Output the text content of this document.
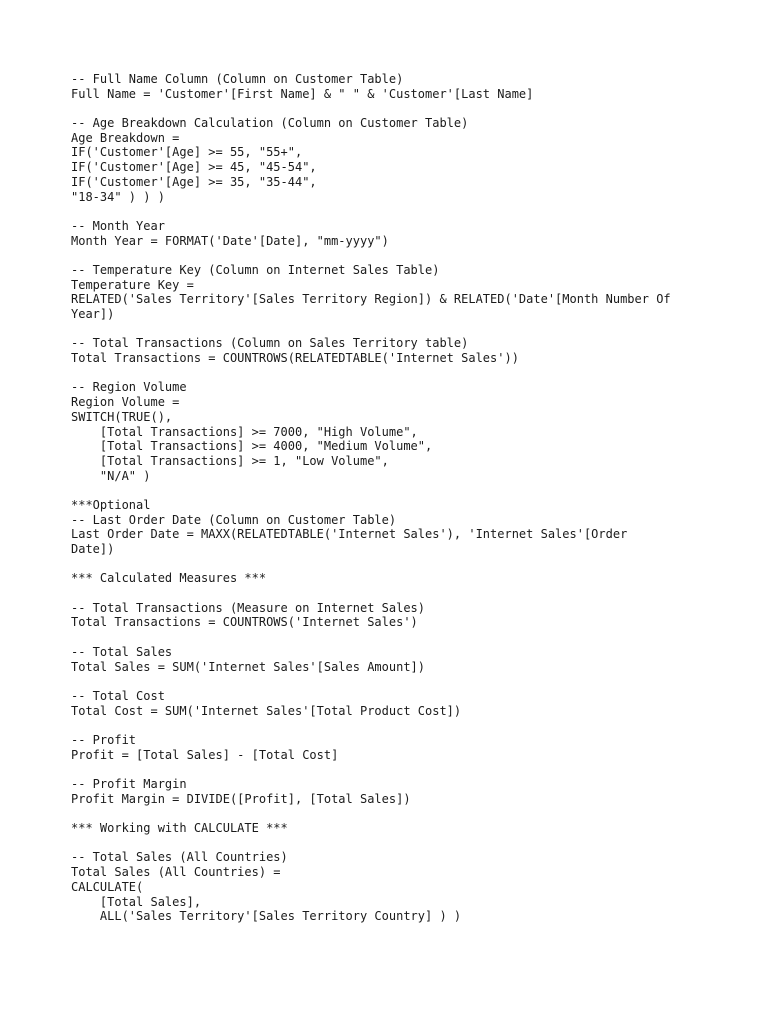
-- Full Name Column (Column on Customer Table)
Full Name = 'Customer'[First Name] & " " & 'Customer'[Last Name]
-- Age Breakdown Calculation (Column on Customer Table)
Age Breakdown =
IF('Customer'[Age] >= 55, "55+",
IF('Customer'[Age] >= 45, "45-54",
IF('Customer'[Age] >= 35, "35-44",
"18-34" ) ) )
-- Month Year
Month Year = FORMAT('Date'[Date], "mm-yyyy")
-- Temperature Key (Column on Internet Sales Table)
Temperature Key =
RELATED('Sales Territory'[Sales Territory Region]) & RELATED('Date'[Month Number Of
Year])
-- Total Transactions (Column on Sales Territory table)
Total Transactions = COUNTROWS(RELATEDTABLE('Internet Sales'))
-- Region Volume
Region Volume =
SWITCH(TRUE(),
[Total Transactions] >= 7000, "High Volume",
[Total Transactions] >= 4000, "Medium Volume",
[Total Transactions] >= 1, "Low Volume",
"N/A" )
***Optional
-- Last Order Date (Column on Customer Table)
Last Order Date = MAXX(RELATEDTABLE('Internet Sales'), 'Internet Sales'[Order
Date])
*** Calculated Measures ***
-- Total Transactions (Measure on Internet Sales)
Total Transactions = COUNTROWS('Internet Sales')
-- Total Sales
Total Sales = SUM('Internet Sales'[Sales Amount])
-- Total Cost
Total Cost = SUM('Internet Sales'[Total Product Cost])
-- Profit
Profit = [Total Sales] - [Total Cost]
-- Profit Margin
Profit Margin = DIVIDE([Profit], [Total Sales])
*** Working with CALCULATE ***
-- Total Sales (All Countries)
Total Sales (All Countries) =
CALCULATE(
[Total Sales],
ALL('Sales Territory'[Sales Territory Country] ) )
